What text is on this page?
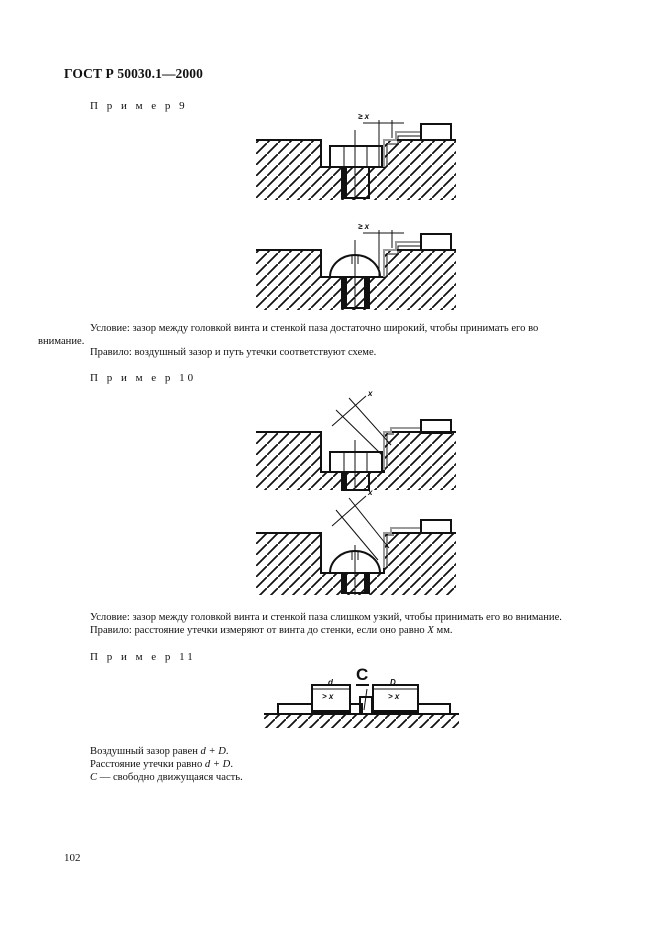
ГОСТ Р 50030.1—2000
П р и м е р 9
≥ x
≥ x
Условие: зазор между головкой винта и стенкой паза достаточно широкий, чтобы принимать его во
внимание.
Правило: воздушный зазор и путь утечки соответствуют схеме.
П р и м е р 10
x
x
Условие: зазор между головкой винта и стенкой паза слишком узкий, чтобы принимать его во внимание.
Правило: расстояние утечки измеряют от винта до стенки, если оно равно X мм.
П р и м е р 11
d
> x
D
> x
C
Воздушный зазор равен d + D.
Расстояние утечки равно d + D.
C — свободно движущаяся часть.
102
